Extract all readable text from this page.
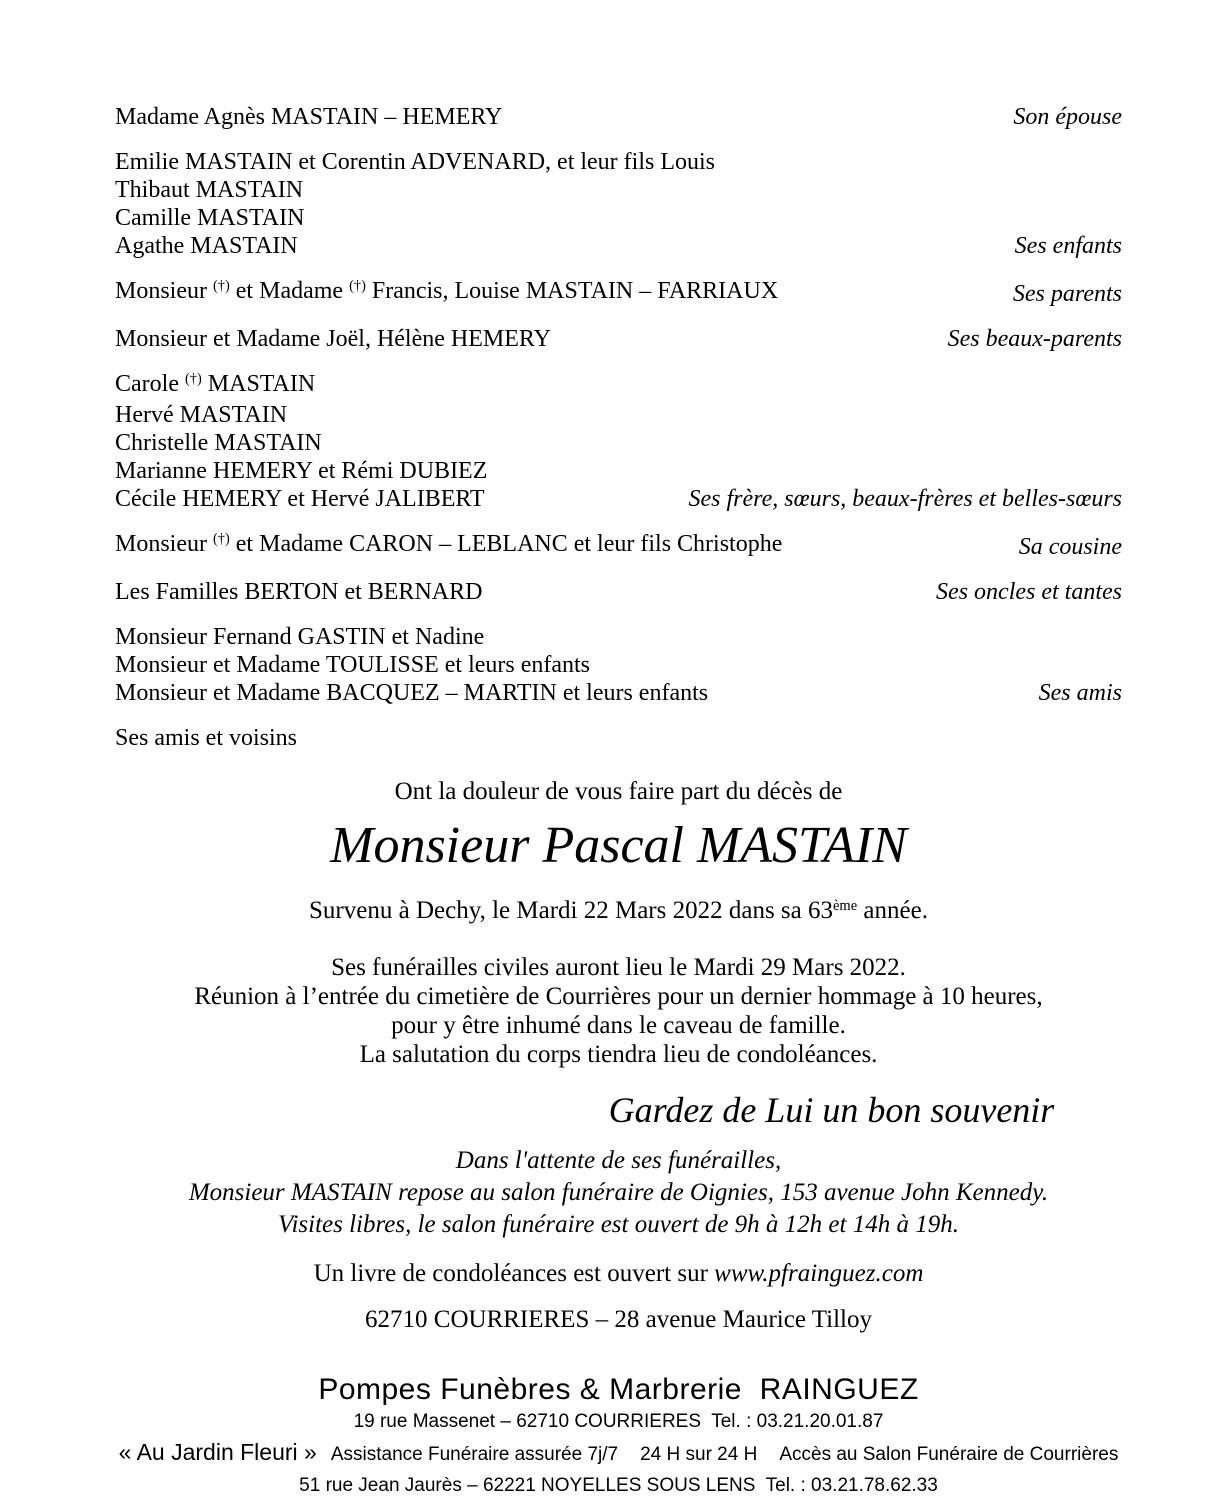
Madame Agnès MASTAIN – HEMERY	Son épouse
Emilie MASTAIN et Corentin ADVENARD, et leur fils Louis
Thibaut MASTAIN
Camille MASTAIN
Agathe MASTAIN	Ses enfants
Monsieur (†) et Madame (†) Francis, Louise MASTAIN – FARRIAUX	Ses parents
Monsieur et Madame Joël, Hélène HEMERY	Ses beaux-parents
Carole (†) MASTAIN
Hervé MASTAIN
Christelle MASTAIN
Marianne HEMERY et Rémi DUBIEZ
Cécile HEMERY et Hervé JALIBERT	Ses frère, sœurs, beaux-frères et belles-sœurs
Monsieur (†) et Madame CARON – LEBLANC et leur fils Christophe	Sa cousine
Les Familles BERTON et BERNARD	Ses oncles et tantes
Monsieur Fernand GASTIN et Nadine
Monsieur et Madame TOULISSE et leurs enfants
Monsieur et Madame BACQUEZ – MARTIN et leurs enfants	Ses amis
Ses amis et voisins

Ont la douleur de vous faire part du décès de

Monsieur Pascal MASTAIN

Survenu à Dechy, le Mardi 22 Mars 2022 dans sa 63ème année.

Ses funérailles civiles auront lieu le Mardi 29 Mars 2022.
Réunion à l’entrée du cimetière de Courrières pour un dernier hommage à 10 heures,
pour y être inhumé dans le caveau de famille.
La salutation du corps tiendra lieu de condoléances.

Gardez de Lui un bon souvenir

Dans l'attente de ses funérailles,
Monsieur MASTAIN repose au salon funéraire de Oignies, 153 avenue John Kennedy.
Visites libres, le salon funéraire est ouvert de 9h à 12h et 14h à 19h.

Un livre de condoléances est ouvert sur www.pfrainguez.com

62710 COURRIERES – 28 avenue Maurice Tilloy

Pompes Funèbres & Marbrerie  RAINGUEZ
19 rue Massenet – 62710 COURRIERES  Tel. : 03.21.20.01.87
« Au Jardin Fleuri » Assistance Funéraire assurée 7j/7 24 H sur 24 H Accès au Salon Funéraire de Courrières
51 rue Jean Jaurès – 62221 NOYELLES SOUS LENS  Tel. : 03.21.78.62.33
